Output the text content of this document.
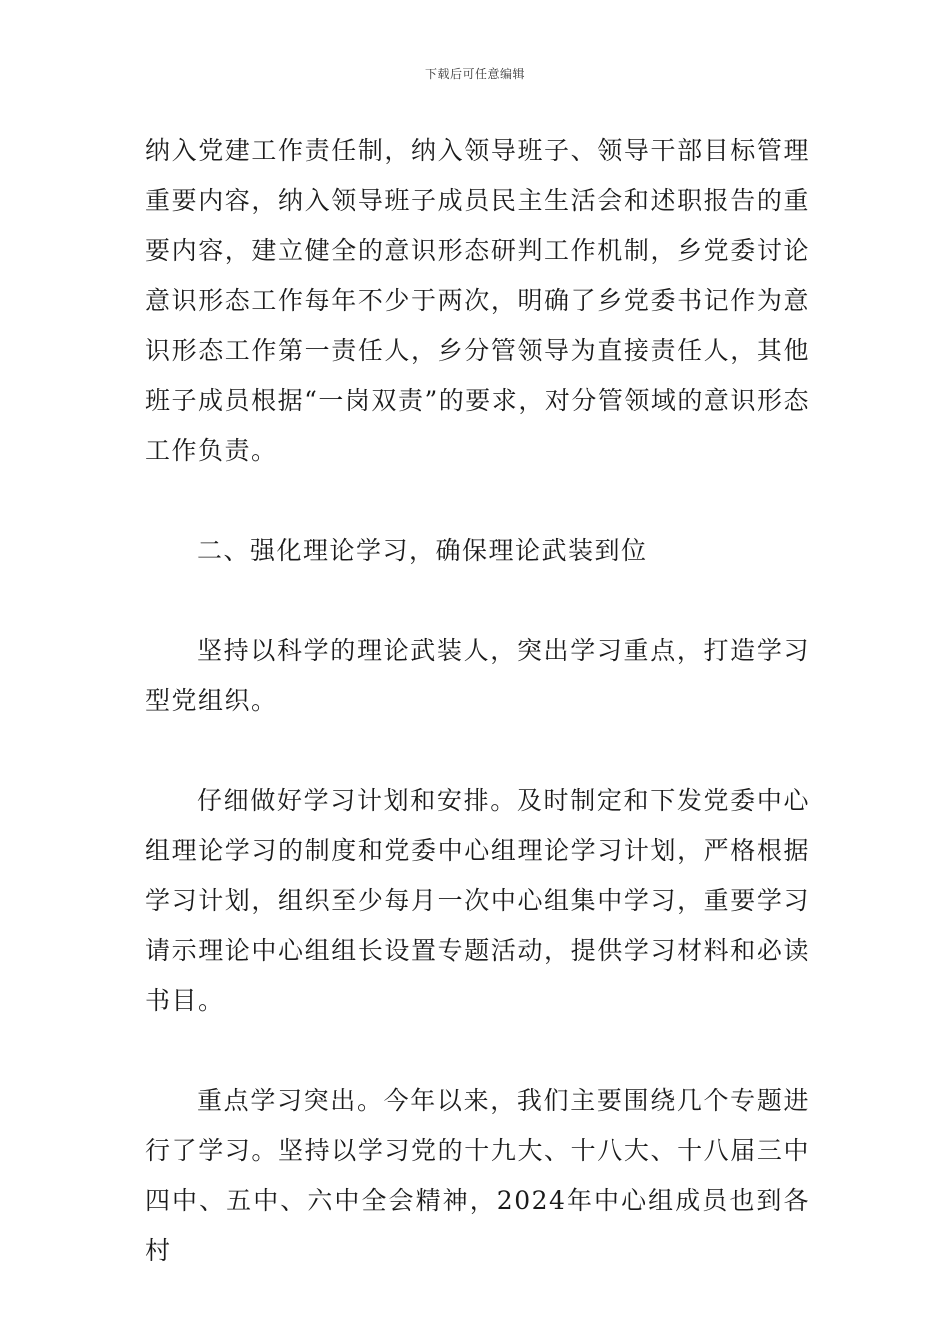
下载后可任意编辑

纳入党建工作责任制，纳入领导班子、领导干部目标管理重要内容，纳入领导班子成员民主生活会和述职报告的重要内容，建立健全的意识形态研判工作机制，乡党委讨论意识形态工作每年不少于两次，明确了乡党委书记作为意识形态工作第一责任人，乡分管领导为直接责任人，其他班子成员根据“一岗双责”的要求，对分管领域的意识形态工作负责。

二、强化理论学习，确保理论武装到位

坚持以科学的理论武装人，突出学习重点，打造学习型党组织。

仔细做好学习计划和安排。及时制定和下发党委中心组理论学习的制度和党委中心组理论学习计划，严格根据学习计划，组织至少每月一次中心组集中学习，重要学习请示理论中心组组长设置专题活动，提供学习材料和必读书目。

重点学习突出。今年以来，我们主要围绕几个专题进行了学习。坚持以学习党的十九大、十八大、十八届三中四中、五中、六中全会精神，2024年中心组成员也到各村
